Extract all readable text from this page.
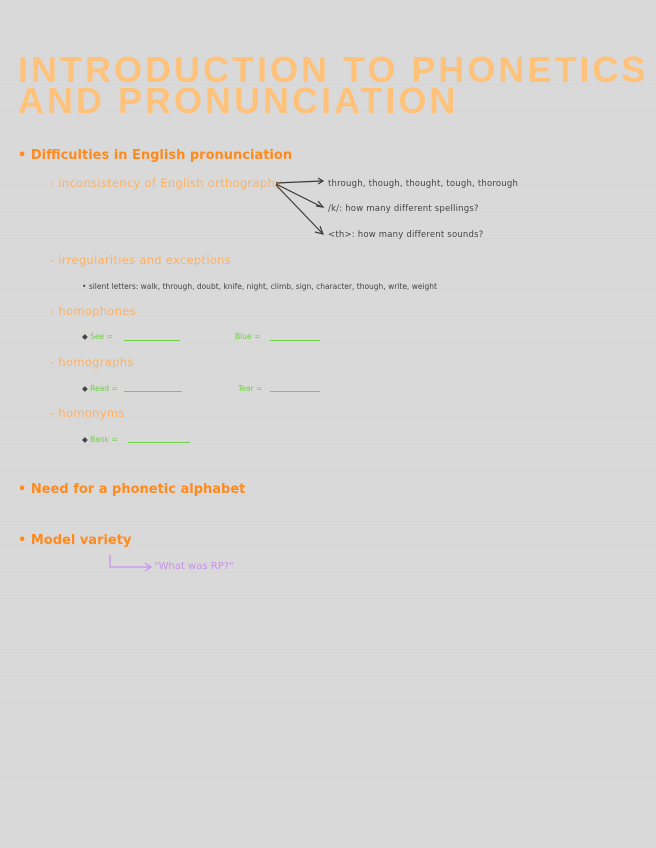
INTRODUCTION TO PHONETICS
AND PRONUNCIATION
• Difficulties in English pronunciation
- inconsistency of English orthography	through, though, thought, tough, thorough
/k/: how many different spellings?
<th>: how many different sounds?
- irregularities and exceptions
• silent letters: walk, through, doubt, knife, night, climb, sign, character, though, write, weight
- homophones
◆ See =	Blue =
- homographs
◆ Read =	Tear =
- homonyms
◆ Bank =
• Need for a phonetic alphabet
• Model variety
"What was RP?"
